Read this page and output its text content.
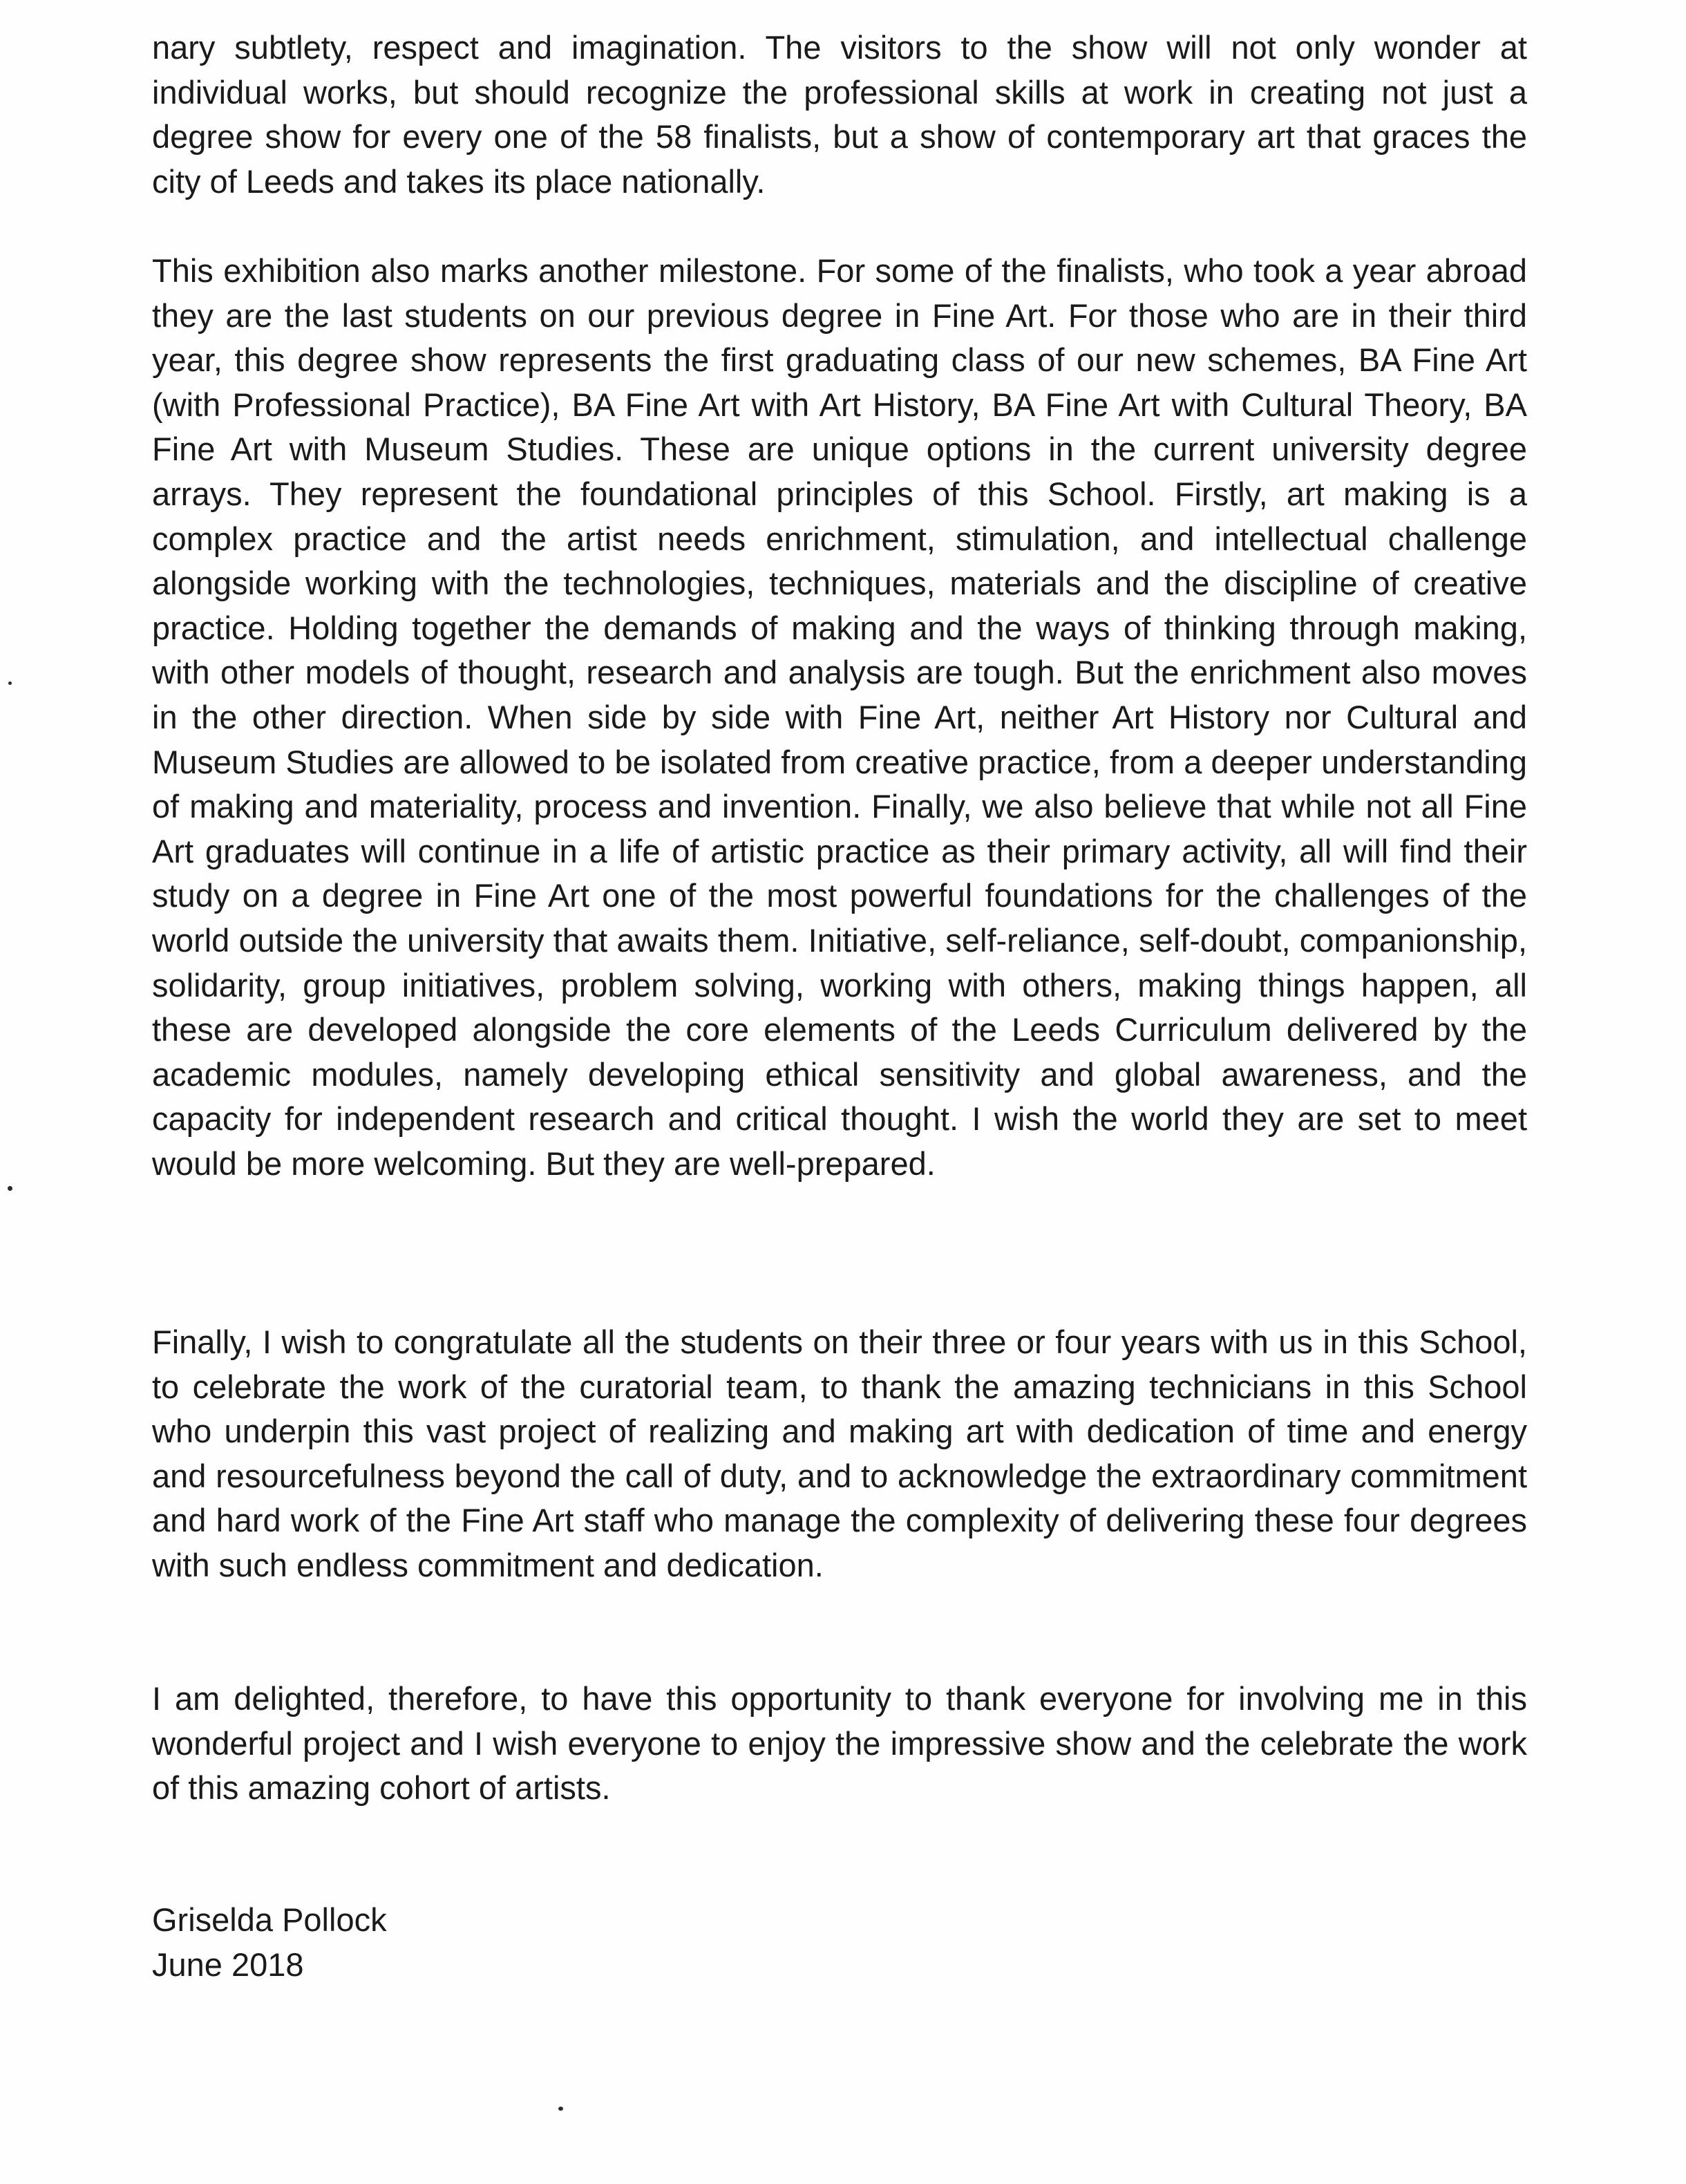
nary subtlety, respect and imagination. The visitors to the show will not only wonder at individual works, but should recognize the professional skills at work in creating not just a degree show for every one of the 58 finalists, but a show of contemporary art that graces the city of Leeds and takes its place nationally.

This exhibition also marks another milestone. For some of the finalists, who took a year abroad they are the last students on our previous degree in Fine Art. For those who are in their third year, this degree show represents the first graduating class of our new schemes, BA Fine Art (with Professional Practice), BA Fine Art with Art History, BA Fine Art with Cultural Theory, BA Fine Art with Museum Studies. These are unique options in the current university degree arrays. They represent the foundational principles of this School. Firstly, art making is a complex practice and the artist needs enrichment, stimulation, and intellectual challenge alongside working with the technologies, techniques, materials and the discipline of creative practice. Holding together the demands of making and the ways of thinking through making, with other models of thought, research and analysis are tough. But the enrichment also moves in the other direction. When side by side with Fine Art, neither Art History nor Cultural and Museum Studies are allowed to be isolated from creative practice, from a deeper understanding of making and materiality, process and invention. Finally, we also believe that while not all Fine Art graduates will continue in a life of artistic practice as their primary activity, all will find their study on a degree in Fine Art one of the most powerful foundations for the challenges of the world outside the university that awaits them. Initiative, self-reliance, self-doubt, companionship, solidarity, group initiatives, problem solving, working with others, making things happen, all these are developed alongside the core elements of the Leeds Curriculum delivered by the academic modules, namely developing ethical sensitivity and global awareness, and the capacity for independent research and critical thought. I wish the world they are set to meet would be more welcoming. But they are well-prepared.

Finally, I wish to congratulate all the students on their three or four years with us in this School, to celebrate the work of the curatorial team, to thank the amazing technicians in this School who underpin this vast project of realizing and making art with dedication of time and energy and resourcefulness beyond the call of duty, and to acknowledge the extraordinary commitment and hard work of the Fine Art staff who manage the complexity of delivering these four degrees with such endless commitment and dedication.

I am delighted, therefore, to have this opportunity to thank everyone for involving me in this wonderful project and I wish everyone to enjoy the impressive show and the celebrate the work of this amazing cohort of artists.

Griselda Pollock
June 2018
